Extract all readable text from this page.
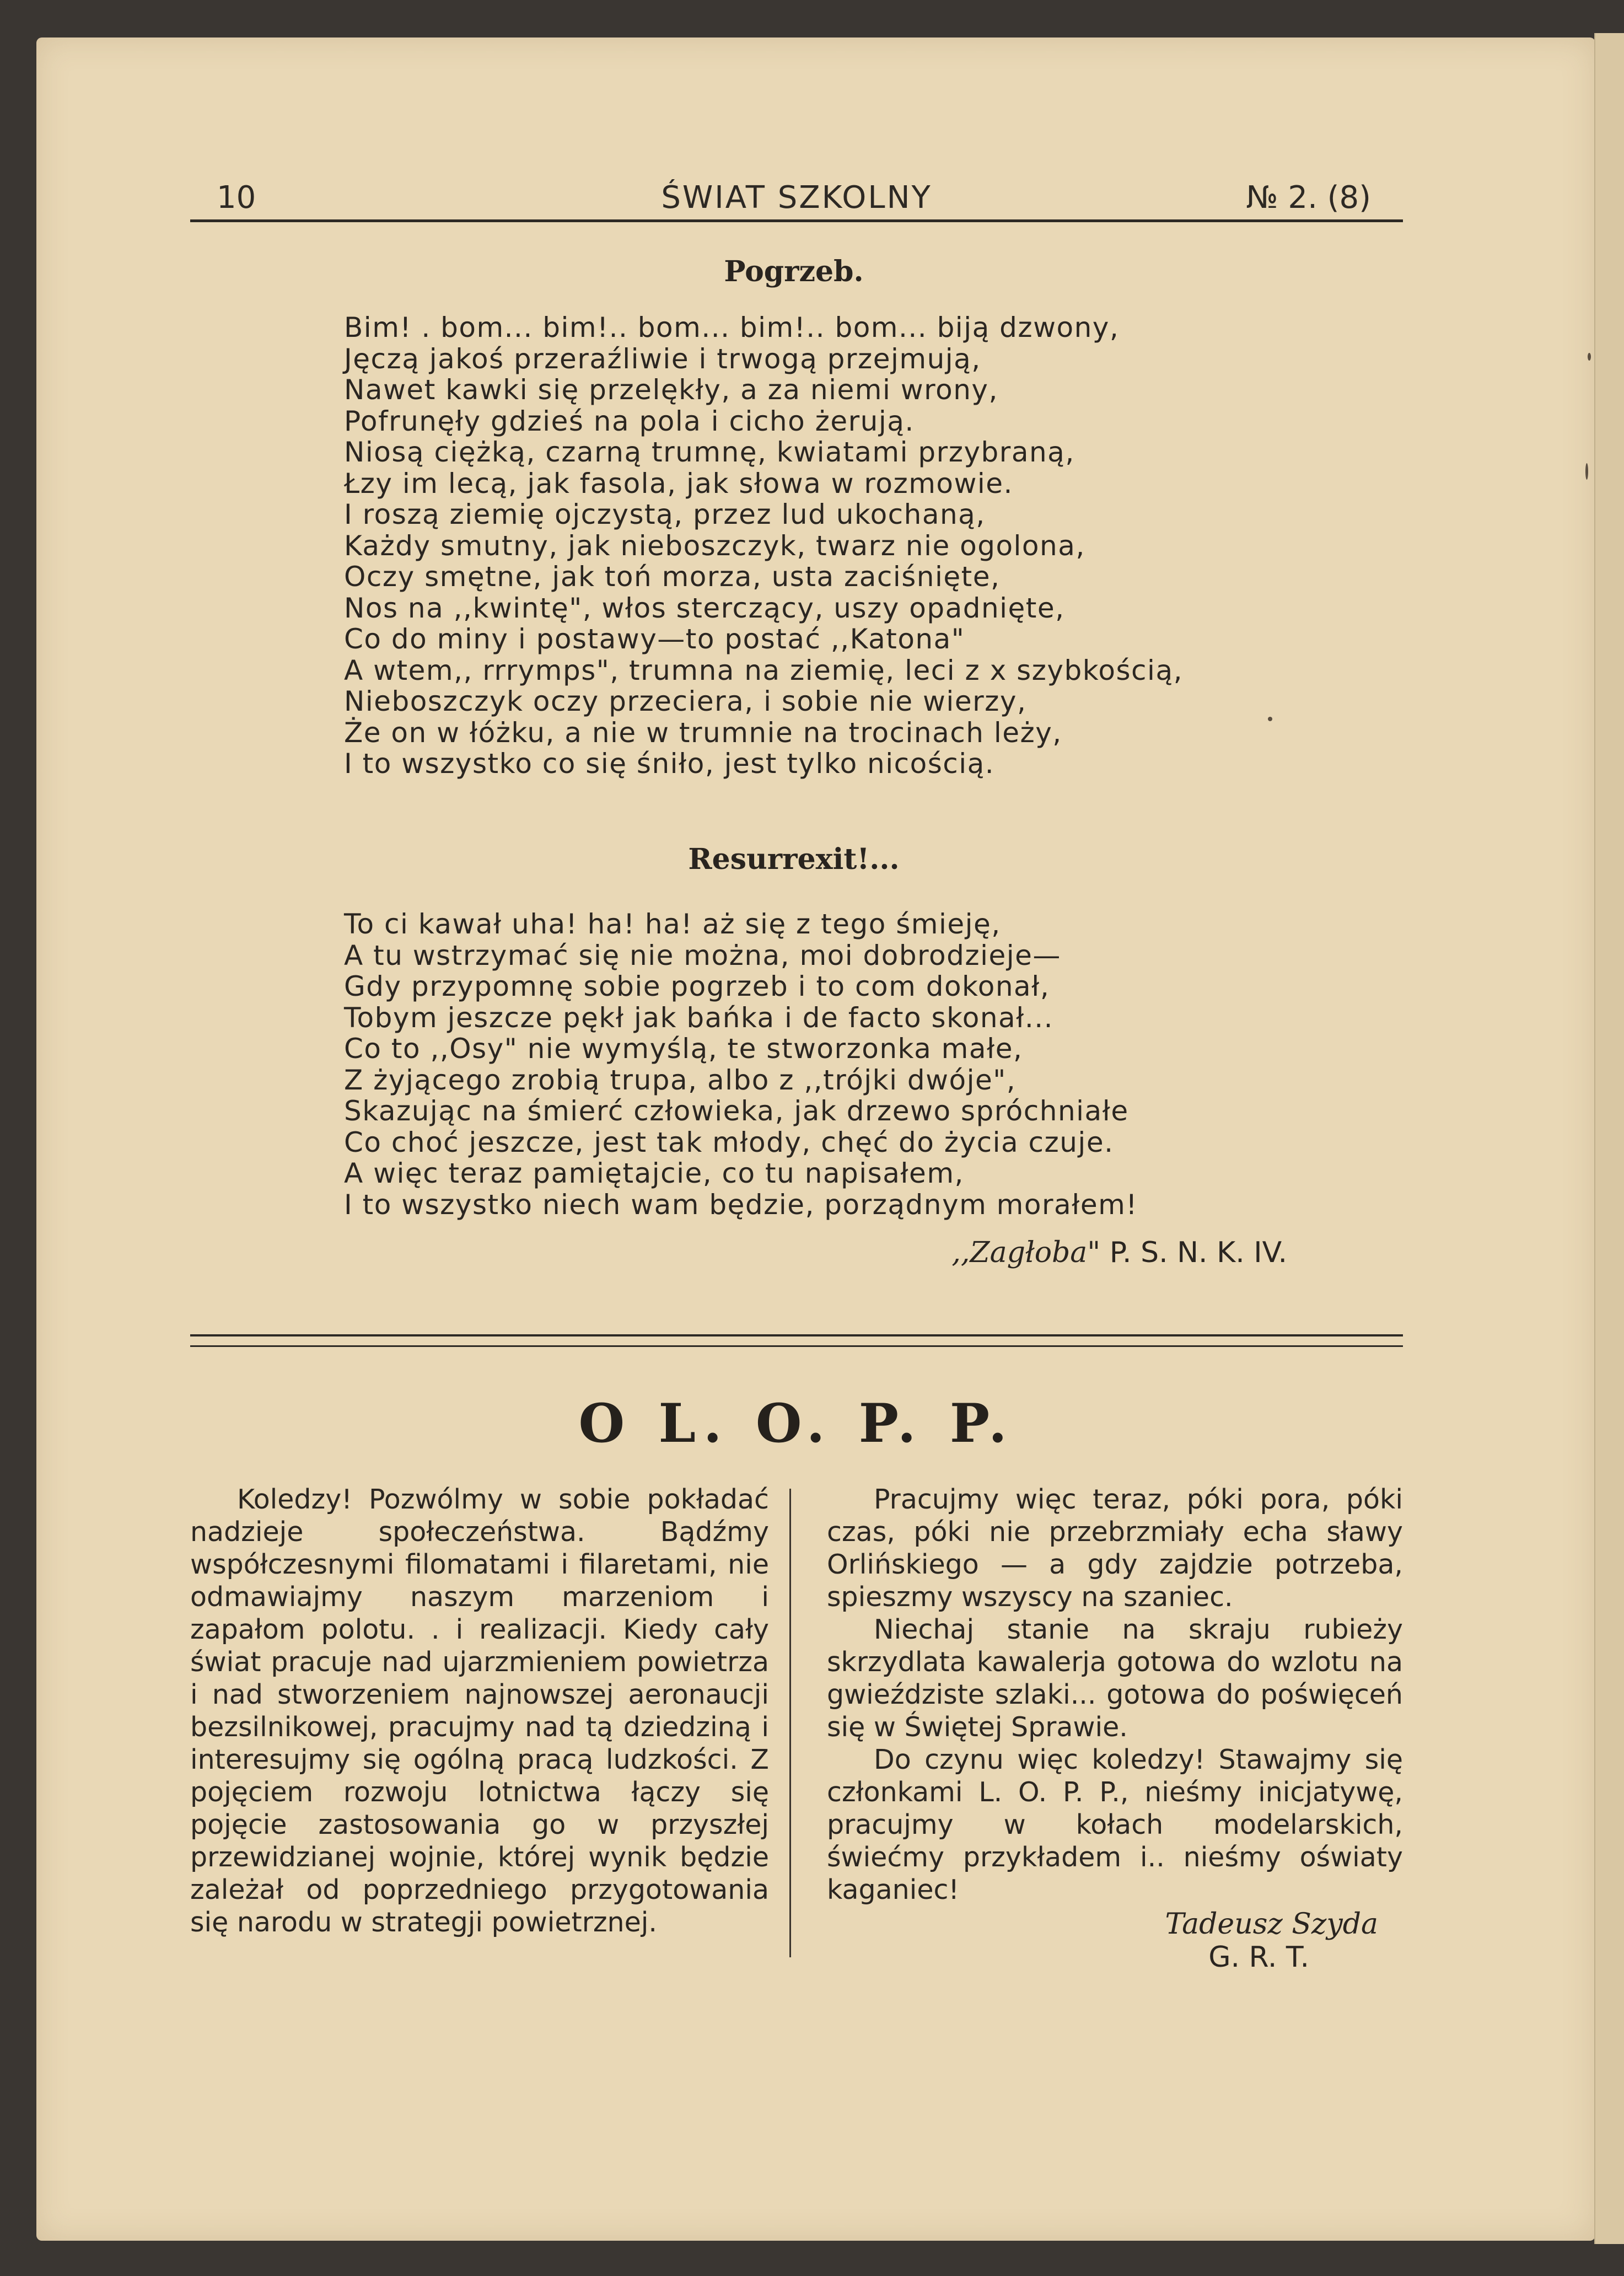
10	ŚWIAT SZKOLNY	№ 2. (8)
Pogrzeb.
Bim! . bom... bim!.. bom... bim!.. bom... biją dzwony,
Jęczą jakoś przeraźliwie i trwogą przejmują,
Nawet kawki się przelękły, a za niemi wrony,
Pofrunęły gdzieś na pola i cicho żerują.
Niosą ciężką, czarną trumnę, kwiatami przybraną,
Łzy im lecą, jak fasola, jak słowa w rozmowie.
I roszą ziemię ojczystą, przez lud ukochaną,
Każdy smutny, jak nieboszczyk, twarz nie ogolona,
Oczy smętne, jak toń morza, usta zaciśnięte,
Nos na ,,kwintę", włos sterczący, uszy opadnięte,
Co do miny i postawy—to postać ,,Katona"
A wtem,, rrrymps", trumna na ziemię, leci z x szybkością,
Nieboszczyk oczy przeciera, i sobie nie wierzy,
Że on w łóżku, a nie w trumnie na trocinach leży,
I to wszystko co się śniło, jest tylko nicością.
Resurrexit!...
To ci kawał uha! ha! ha! aż się z tego śmieję,
A tu wstrzymać się nie można, moi dobrodzieje—
Gdy przypomnę sobie pogrzeb i to com dokonał,
Tobym jeszcze pękł jak bańka i de facto skonał...
Co to ,,Osy" nie wymyślą, te stworzonka małe,
Z żyjącego zrobią trupa, albo z ,,trójki dwóje",
Skazując na śmierć człowieka, jak drzewo spróchniałe
Co choć jeszcze, jest tak młody, chęć do życia czuje.
A więc teraz pamiętajcie, co tu napisałem,
I to wszystko niech wam będzie, porządnym morałem!
,,Zagłoba" P. S. N. K. IV.
O L. O. P. P.

Koledzy! Pozwólmy w sobie pokładać nadzieje społeczeństwa. Bądźmy współczesnymi filomatami i filaretami, nie odmawiajmy naszym marzeniom i zapałom polotu. . i realizacji. Kiedy cały świat pracuje nad ujarzmieniem powietrza i nad stworzeniem najnowszej aeronaucji bezsilnikowej, pracujmy nad tą dziedziną i interesujmy się ogólną pracą ludzkości. Z pojęciem rozwoju lotnictwa łączy się pojęcie zastosowania go w przyszłej przewidzianej wojnie, której wynik będzie zależał od poprzedniego przygotowania się narodu w strategji powietrznej.

Pracujmy więc teraz, póki pora, póki czas, póki nie przebrzmiały echa sławy Orlińskiego — a gdy zajdzie potrzeba, spieszmy wszyscy na szaniec.

Niechaj stanie na skraju rubieży skrzydlata kawalerja gotowa do wzlotu na gwieździste szlaki... gotowa do poświęceń się w Świętej Sprawie.

Do czynu więc koledzy! Stawajmy się członkami L. O. P. P., nieśmy inicjatywę, pracujmy w kołach modelarskich, świećmy przykładem i.. nieśmy oświaty kaganiec!

Tadeusz Szyda
G. R. T.
